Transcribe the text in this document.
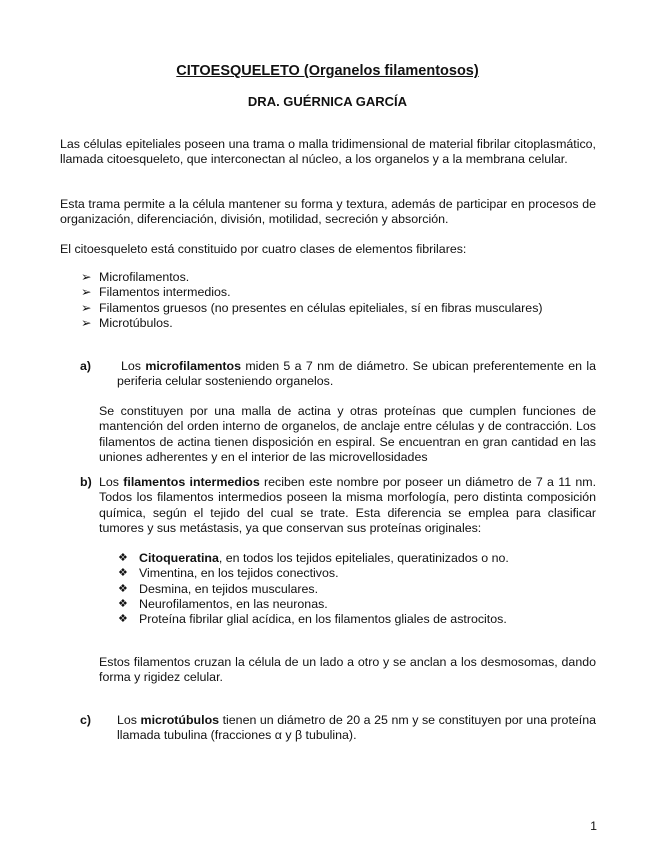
CITOESQUELETO (Organelos filamentosos)
DRA. GUÉRNICA GARCÍA

Las células epiteliales poseen una trama o malla tridimensional de material fibrilar citoplasmático, llamada citoesqueleto, que interconectan al núcleo, a los organelos y a la membrana celular.

Esta trama permite a la célula mantener su forma y textura, además de participar en procesos de organización, diferenciación, división, motilidad, secreción y absorción.

El citoesqueleto está constituido por cuatro clases de elementos fibrilares:

➢ Microfilamentos.
➢ Filamentos intermedios.
➢ Filamentos gruesos (no presentes en células epiteliales, sí en fibras musculares)
➢ Microtúbulos.
a)	Los microfilamentos miden 5 a 7 nm de diámetro. Se ubican preferentemente en la periferia celular sosteniendo organelos.

Se constituyen por una malla de actina y otras proteínas que cumplen funciones de mantención del orden interno de organelos, de anclaje entre células y de contracción. Los filamentos de actina tienen disposición en espiral. Se encuentran en gran cantidad en las uniones adherentes y en el interior de las microvellosidades

b) Los filamentos intermedios reciben este nombre por poseer un diámetro de 7 a 11 nm. Todos los filamentos intermedios poseen la misma morfología, pero distinta composición química, según el tejido del cual se trate. Esta diferencia se emplea para clasificar tumores y sus metástasis, ya que conservan sus proteínas originales:

❖ Citoqueratina, en todos los tejidos epiteliales, queratinizados o no.
❖ Vimentina, en los tejidos conectivos.
❖ Desmina, en tejidos musculares.
❖ Neurofilamentos, en las neuronas.
❖ Proteína fibrilar glial acídica, en los filamentos gliales de astrocitos.

Estos filamentos cruzan la célula de un lado a otro y se anclan a los desmosomas, dando forma y rigidez celular.

c) Los microtúbulos tienen un diámetro de 20 a 25 nm y se constituyen por una proteína llamada tubulina (fracciones α y β tubulina).

1
